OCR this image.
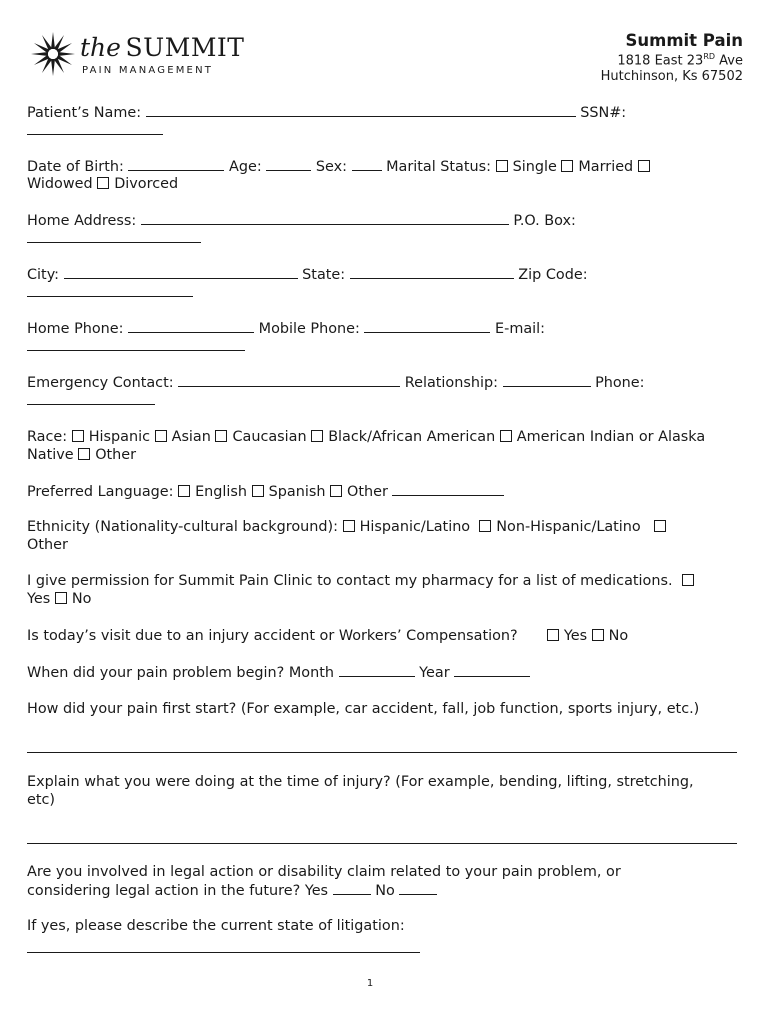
the SUMMIT
PAIN MANAGEMENT
Summit Pain
1818 East 23RD Ave
Hutchinson, Ks 67502
Patient’s Name:	SSN#:
Date of Birth:	Age:	Sex:	Marital Status: Single Married
Widowed Divorced
Home Address:	P.O. Box:
City:	State:	Zip Code:
Home Phone:	Mobile Phone:	E-mail:
Emergency Contact:	Relationship:	Phone:
Race: Hispanic Asian Caucasian Black/African American American Indian or Alaska
Native Other
Preferred Language: English Spanish Other
Ethnicity (Nationality-cultural background): Hispanic/Latino Non-Hispanic/Latino
Other
I give permission for Summit Pain Clinic to contact my pharmacy for a list of medications.
Yes No
Is today’s visit due to an injury accident or Workers’ Compensation?	Yes No
When did your pain problem begin? Month	Year
How did your pain first start? (For example, car accident, fall, job function, sports injury, etc.)
Explain what you were doing at the time of injury? (For example, bending, lifting, stretching,
etc)
Are you involved in legal action or disability claim related to your pain problem, or
considering legal action in the future? Yes	No
If yes, please describe the current state of litigation:
1
